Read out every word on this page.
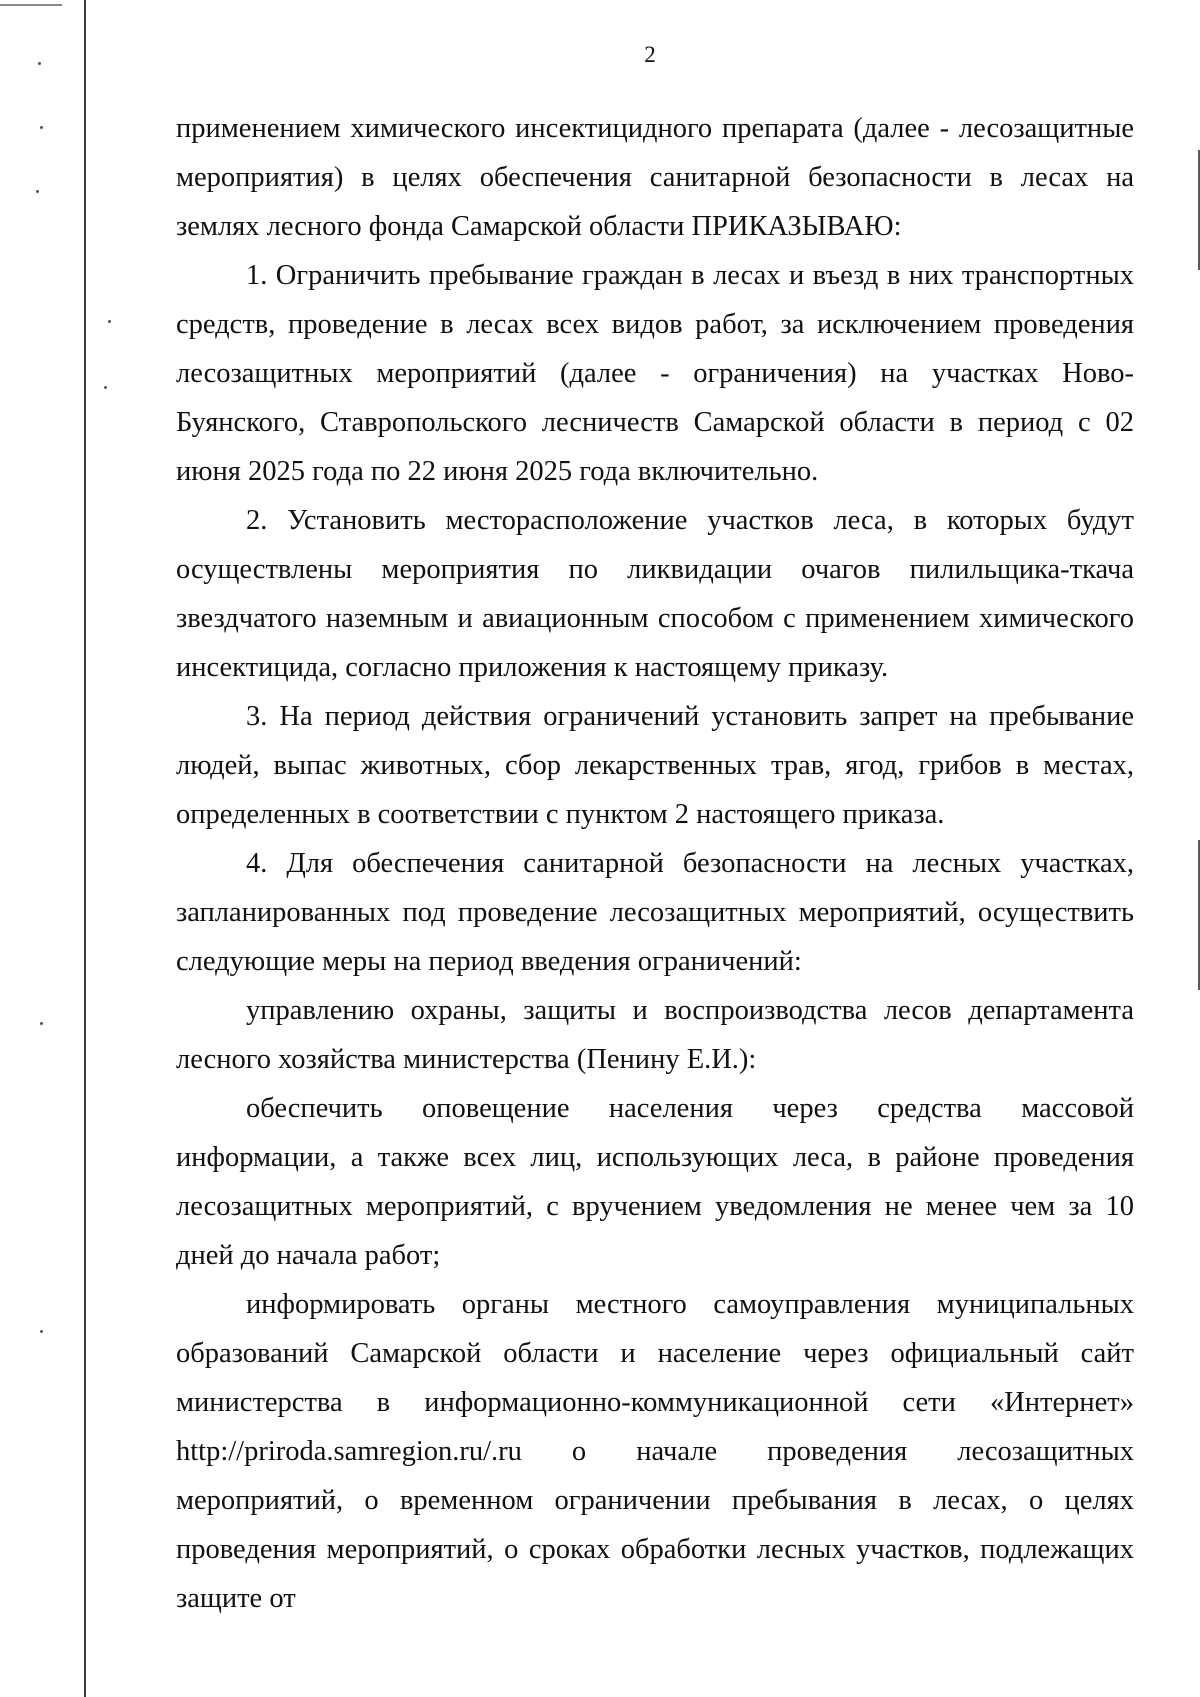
2

применением химического инсектицидного препарата (далее - лесозащитные мероприятия) в целях обеспечения санитарной безопасности в лесах на землях лесного фонда Самарской области ПРИКАЗЫВАЮ:

1. Ограничить пребывание граждан в лесах и въезд в них транспортных средств, проведение в лесах всех видов работ, за исключением проведения лесозащитных мероприятий (далее - ограничения) на участках Ново-Буянского, Ставропольского лесничеств Самарской области в период с 02 июня 2025 года по 22 июня 2025 года включительно.

2. Установить месторасположение участков леса, в которых будут осуществлены мероприятия по ликвидации очагов пилильщика-ткача звездчатого наземным и авиационным способом с применением химического инсектицида, согласно приложения к настоящему приказу.

3. На период действия ограничений установить запрет на пребывание людей, выпас животных, сбор лекарственных трав, ягод, грибов в местах, определенных в соответствии с пунктом 2 настоящего приказа.

4. Для обеспечения санитарной безопасности на лесных участках, запланированных под проведение лесозащитных мероприятий, осуществить следующие меры на период введения ограничений:

управлению охраны, защиты и воспроизводства лесов департамента лесного хозяйства министерства (Пенину Е.И.):

обеспечить оповещение населения через средства массовой информации, а также всех лиц, использующих леса, в районе проведения лесозащитных мероприятий, с вручением уведомления не менее чем за 10 дней до начала работ;

информировать органы местного самоуправления муниципальных образований Самарской области и население через официальный сайт министерства в информационно-коммуникационной сети «Интернет» http://priroda.samregion.ru/.ru о начале проведения лесозащитных мероприятий, о временном ограничении пребывания в лесах, о целях проведения мероприятий, о сроках обработки лесных участков, подлежащих защите от
